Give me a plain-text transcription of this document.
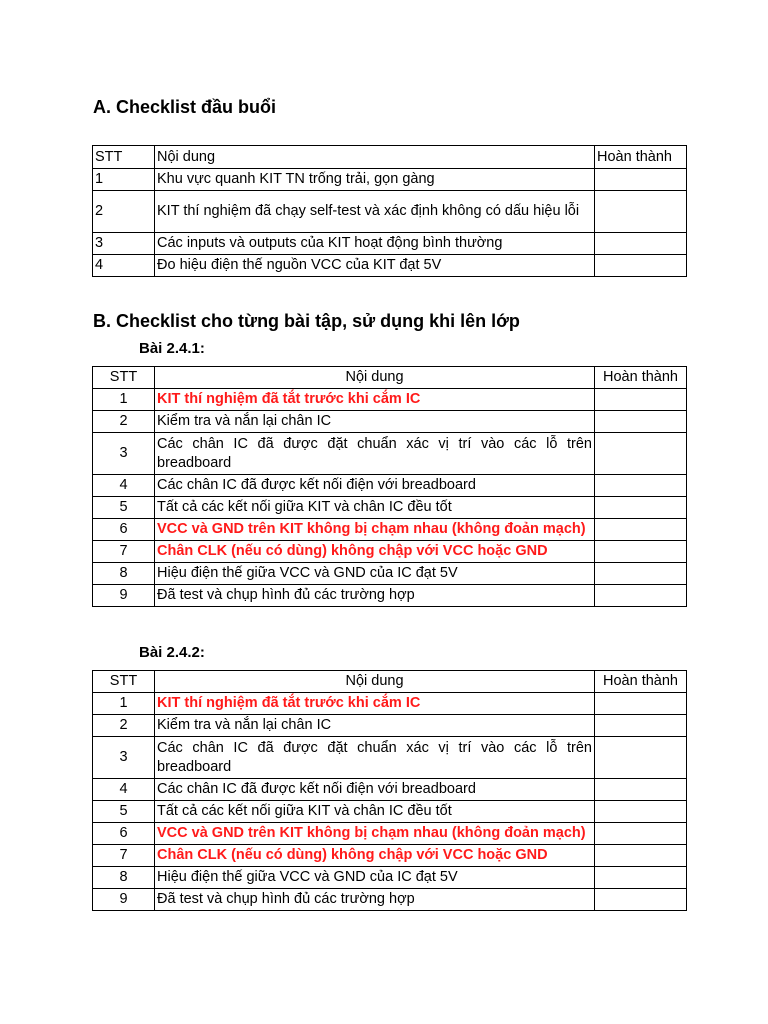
A. Checklist đầu buổi
STT	Nội dung	Hoàn thành
1	Khu vực quanh KIT TN trống trải, gọn gàng	
2	KIT thí nghiệm đã chạy self-test và xác định không có dấu hiệu lỗi	
3	Các inputs và outputs của KIT hoạt động bình thường	
4	Đo hiệu điện thế nguồn VCC của KIT đạt 5V	
B. Checklist cho từng bài tập, sử dụng khi lên lớp
Bài 2.4.1:
STT	Nội dung	Hoàn thành
1	KIT thí nghiệm đã tắt trước khi cắm IC	
2	Kiểm tra và nắn lại chân IC	
3	Các chân IC đã được đặt chuẩn xác vị trí vào các lỗ trên breadboard	
4	Các chân IC đã được kết nối điện với breadboard	
5	Tất cả các kết nối giữa KIT và chân IC đều tốt	
6	VCC và GND trên KIT không bị chạm nhau (không đoản mạch)	
7	Chân CLK (nếu có dùng) không chập với VCC hoặc GND	
8	Hiệu điện thế giữa VCC và GND của IC đạt 5V	
9	Đã test và chụp hình đủ các trường hợp	
Bài 2.4.2:
STT	Nội dung	Hoàn thành
1	KIT thí nghiệm đã tắt trước khi cắm IC	
2	Kiểm tra và nắn lại chân IC	
3	Các chân IC đã được đặt chuẩn xác vị trí vào các lỗ trên breadboard	
4	Các chân IC đã được kết nối điện với breadboard	
5	Tất cả các kết nối giữa KIT và chân IC đều tốt	
6	VCC và GND trên KIT không bị chạm nhau (không đoản mạch)	
7	Chân CLK (nếu có dùng) không chập với VCC hoặc GND	
8	Hiệu điện thế giữa VCC và GND của IC đạt 5V	
9	Đã test và chụp hình đủ các trường hợp	
